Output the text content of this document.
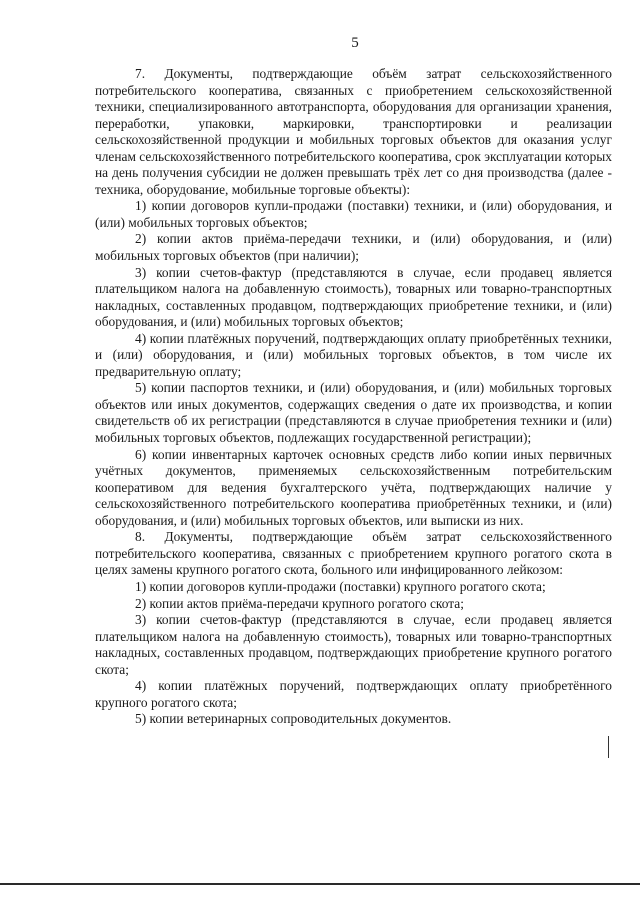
5

7. Документы, подтверждающие объём затрат сельскохозяйственного потребительского кооператива, связанных с приобретением сельскохозяйственной техники, специализированного автотранспорта, оборудования для организации хранения, переработки, упаковки, маркировки, транспортировки и реализации сельскохозяйственной продукции и мобильных торговых объектов для оказания услуг членам сельскохозяйственного потребительского кооператива, срок эксплуатации которых на день получения субсидии не должен превышать трёх лет со дня производства (далее - техника, оборудование, мобильные торговые объекты):

1) копии договоров купли-продажи (поставки) техники, и (или) оборудования, и (или) мобильных торговых объектов;

2) копии актов приёма-передачи техники, и (или) оборудования, и (или) мобильных торговых объектов (при наличии);

3) копии счетов-фактур (представляются в случае, если продавец является плательщиком налога на добавленную стоимость), товарных или товарно-транспортных накладных, составленных продавцом, подтверждающих приобретение техники, и (или) оборудования, и (или) мобильных торговых объектов;

4) копии платёжных поручений, подтверждающих оплату приобретённых техники, и (или) оборудования, и (или) мобильных торговых объектов, в том числе их предварительную оплату;

5) копии паспортов техники, и (или) оборудования, и (или) мобильных торговых объектов или иных документов, содержащих сведения о дате их производства, и копии свидетельств об их регистрации (представляются в случае приобретения техники и (или) мобильных торговых объектов, подлежащих государственной регистрации);

6) копии инвентарных карточек основных средств либо копии иных первичных учётных документов, применяемых сельскохозяйственным потребительским кооперативом для ведения бухгалтерского учёта, подтверждающих наличие у сельскохозяйственного потребительского кооператива приобретённых техники, и (или) оборудования, и (или) мобильных торговых объектов, или выписки из них.

8. Документы, подтверждающие объём затрат сельскохозяйственного потребительского кооператива, связанных с приобретением крупного рогатого скота в целях замены крупного рогатого скота, больного или инфицированного лейкозом:

1) копии договоров купли-продажи (поставки) крупного рогатого скота;

2) копии актов приёма-передачи крупного рогатого скота;

3) копии счетов-фактур (представляются в случае, если продавец является плательщиком налога на добавленную стоимость), товарных или товарно-транспортных накладных, составленных продавцом, подтверждающих приобретение крупного рогатого скота;

4) копии платёжных поручений, подтверждающих оплату приобретённого крупного рогатого скота;

5) копии ветеринарных сопроводительных документов.
